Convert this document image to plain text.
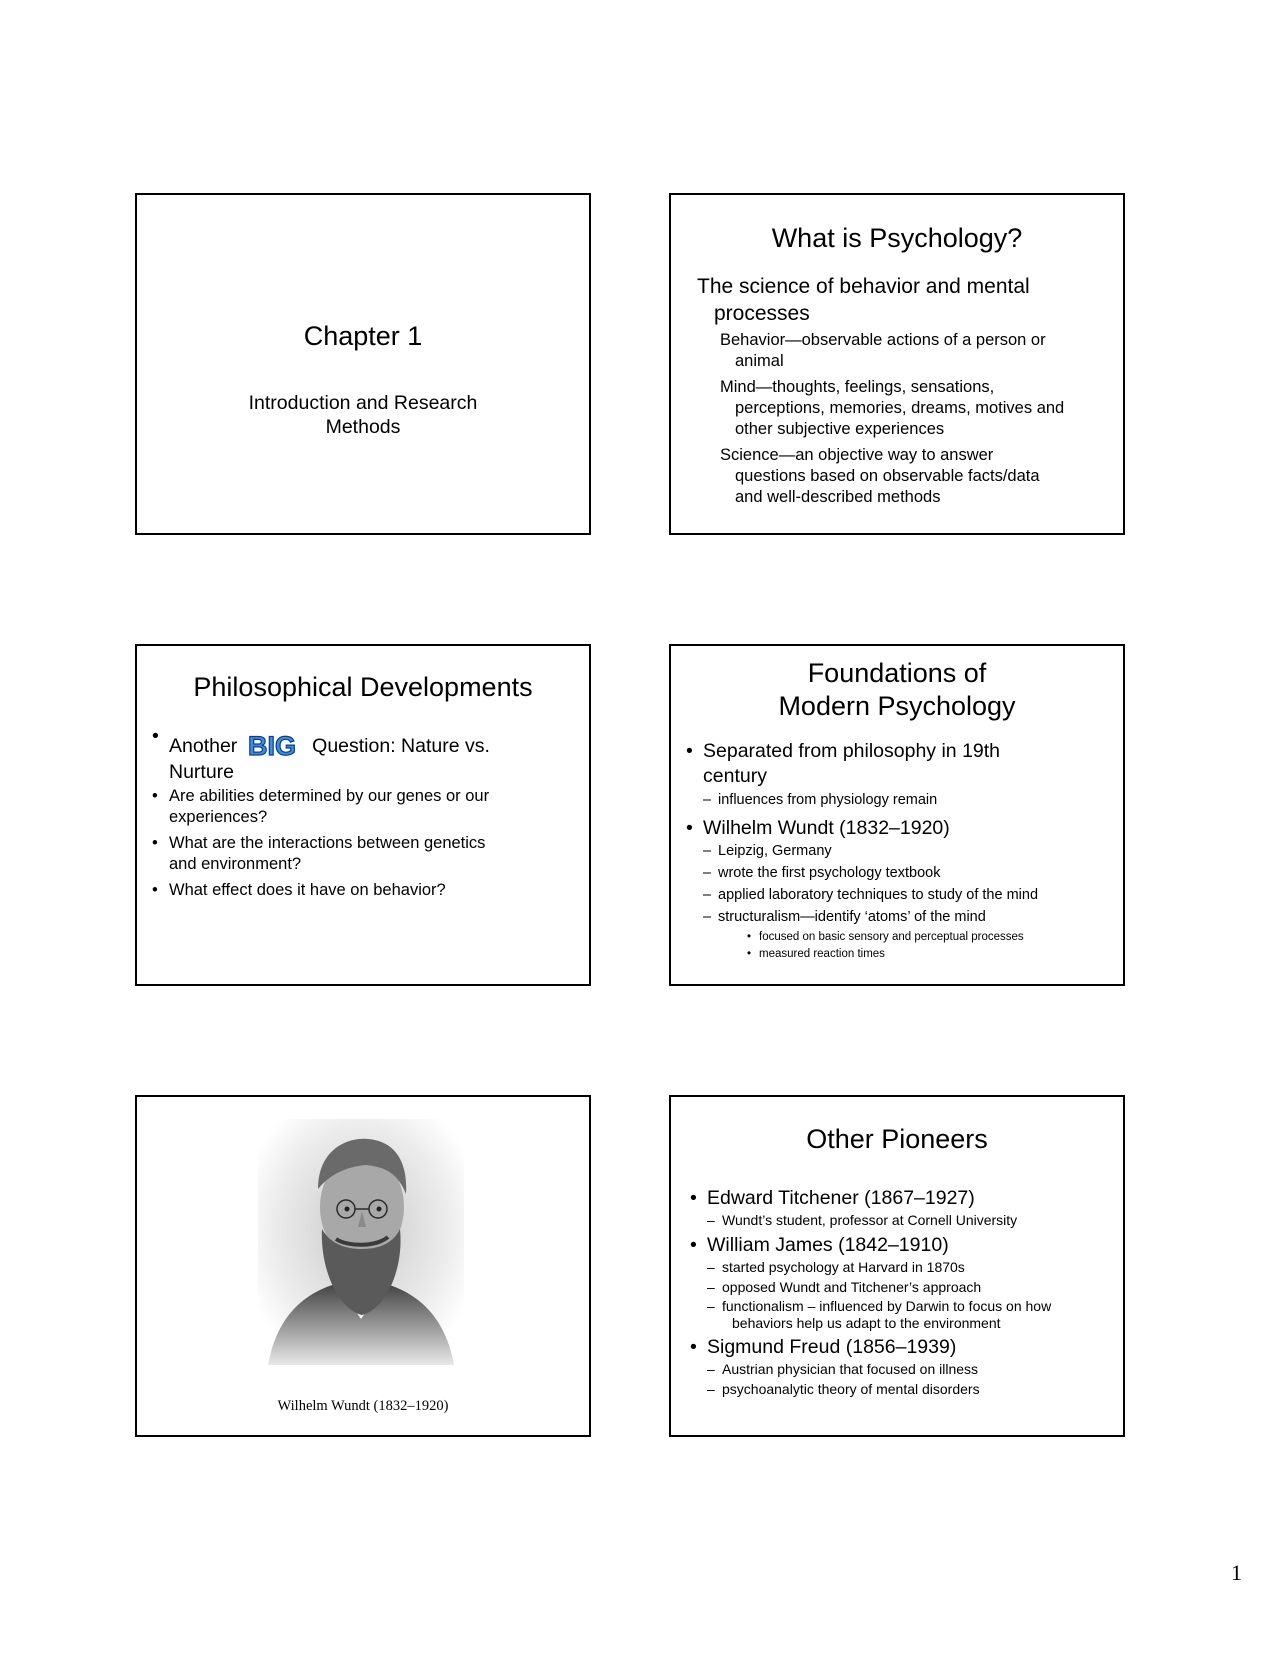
Chapter 1
Introduction and Research
Methods
What is Psychology?
The science of behavior and mental
processes
Behavior—observable actions of a person or
animal
Mind—thoughts, feelings, sensations,
perceptions, memories, dreams, motives and
other subjective experiences
Science—an objective way to answer
questions based on observable facts/data
and well-described methods
Philosophical Developments
• Another BIG Question: Nature vs.
Nurture
• Are abilities determined by our genes or our
experiences?
• What are the interactions between genetics
and environment?
• What effect does it have on behavior?
Foundations of
Modern Psychology
• Separated from philosophy in 19th
century
– influences from physiology remain
• Wilhelm Wundt (1832–1920)
– Leipzig, Germany
– wrote the first psychology textbook
– applied laboratory techniques to study of the mind
– structuralism—identify ‘atoms’ of the mind
• focused on basic sensory and perceptual processes
• measured reaction times
Wilhelm Wundt (1832–1920)
Other Pioneers
• Edward Titchener (1867–1927)
– Wundt’s student, professor at Cornell University
• William James (1842–1910)
– started psychology at Harvard in 1870s
– opposed Wundt and Titchener’s approach
– functionalism – influenced by Darwin to focus on how
behaviors help us adapt to the environment
• Sigmund Freud (1856–1939)
– Austrian physician that focused on illness
– psychoanalytic theory of mental disorders
1
